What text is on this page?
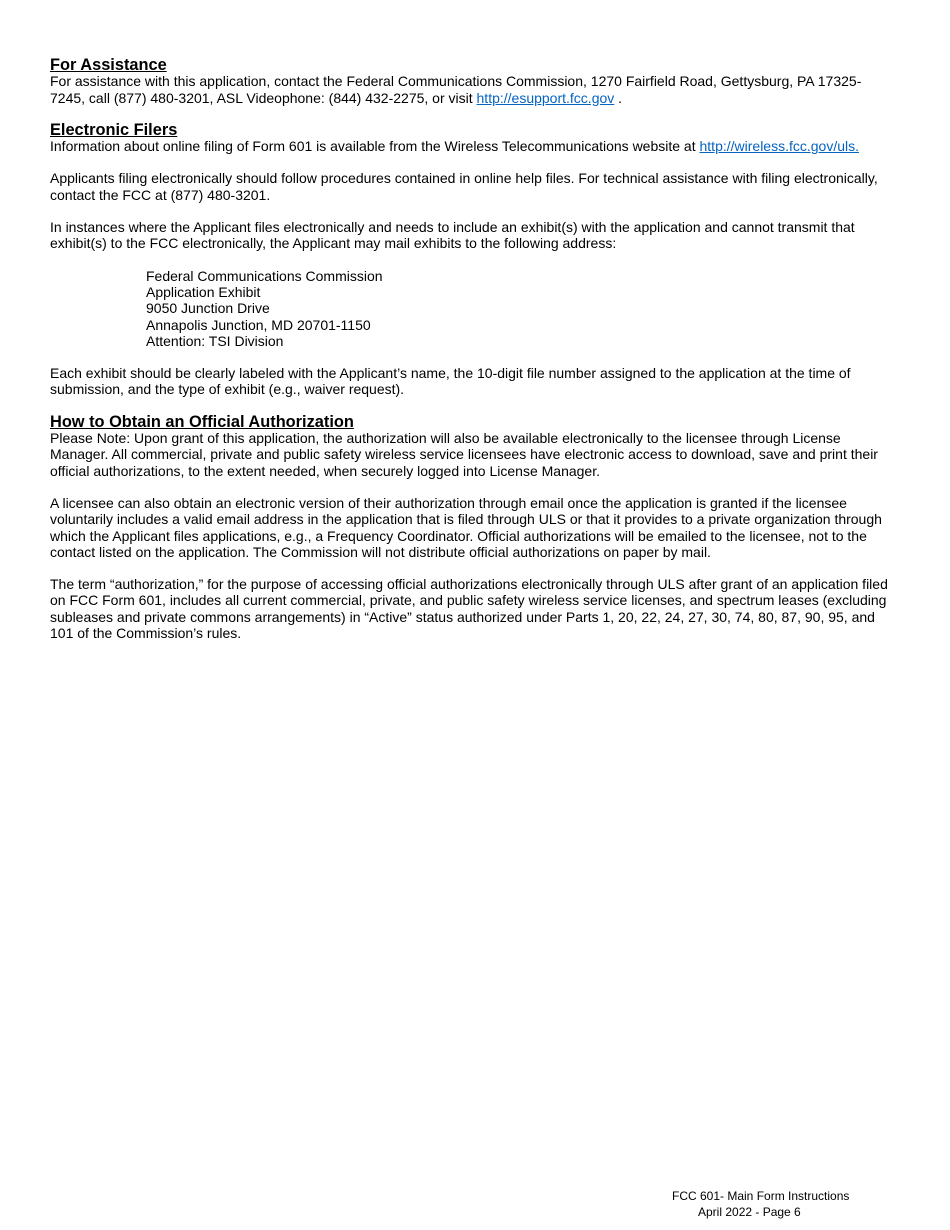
For Assistance

For assistance with this application, contact the Federal Communications Commission, 1270 Fairfield Road, Gettysburg, PA 17325-7245, call (877) 480-3201, ASL Videophone: (844) 432-2275, or visit http://esupport.fcc.gov .

Electronic Filers

Information about online filing of Form 601 is available from the Wireless Telecommunications website at http://wireless.fcc.gov/uls.

Applicants filing electronically should follow procedures contained in online help files. For technical assistance with filing electronically, contact the FCC at (877) 480-3201.

In instances where the Applicant files electronically and needs to include an exhibit(s) with the application and cannot transmit that exhibit(s) to the FCC electronically, the Applicant may mail exhibits to the following address:

Federal Communications Commission
Application Exhibit
9050 Junction Drive
Annapolis Junction, MD 20701-1150
Attention: TSI Division

Each exhibit should be clearly labeled with the Applicant’s name, the 10-digit file number assigned to the application at the time of submission, and the type of exhibit (e.g., waiver request).

How to Obtain an Official Authorization

Please Note: Upon grant of this application, the authorization will also be available electronically to the licensee through License Manager. All commercial, private and public safety wireless service licensees have electronic access to download, save and print their official authorizations, to the extent needed, when securely logged into License Manager.

A licensee can also obtain an electronic version of their authorization through email once the application is granted if the licensee voluntarily includes a valid email address in the application that is filed through ULS or that it provides to a private organization through which the Applicant files applications, e.g., a Frequency Coordinator. Official authorizations will be emailed to the licensee, not to the contact listed on the application. The Commission will not distribute official authorizations on paper by mail.

The term “authorization,” for the purpose of accessing official authorizations electronically through ULS after grant of an application filed on FCC Form 601, includes all current commercial, private, and public safety wireless service licenses, and spectrum leases (excluding subleases and private commons arrangements) in “Active” status authorized under Parts 1, 20, 22, 24, 27, 30, 74, 80, 87, 90, 95, and 101 of the Commission’s rules.

FCC 601- Main Form Instructions
April 2022 - Page 6
